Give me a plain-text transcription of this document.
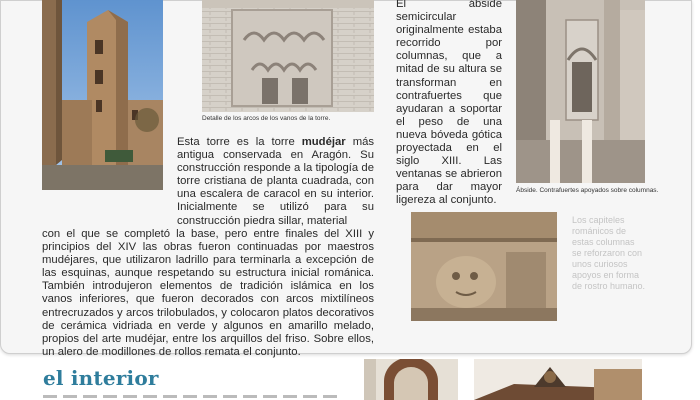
Detalle de los arcos de los vanos de la torre.
Ábside. Contrafuertes apoyados sobre columnas.

El ábside semicircular originalmente estaba recorrido por columnas, que a mitad de su altura se transforman en contrafuertes que ayudaran a soportar el peso de una nueva bóveda gótica proyectada en el siglo XIII. Las ventanas se abrieron para dar mayor ligereza al conjunto.

Esta torre es la torre mudéjar más antigua conservada en Aragón. Su construcción responde a la tipología de torre cristiana de planta cuadrada, con una escalera de caracol en su interior. Inicialmente se utilizó para su construcción piedra sillar, material

con el que se completó la base, pero entre finales del XIII y principios del XIV las obras fueron continuadas por maestros mudéjares, que utilizaron ladrillo para terminarla a excepción de las esquinas, aunque respetando su estructura inicial románica. También introdujeron elementos de tradición islámica en los vanos inferiores, que fueron decorados con arcos mixtilíneos entrecruzados y arcos trilobulados, y colocaron platos decorativos de cerámica vidriada en verde y algunos en amarillo melado, propios del arte mudéjar, entre los arquillos del friso. Sobre ellos, un alero de modillones de rollos remata el conjunto.

Los capiteles románicos de estas columnas se reforzaron con unos curiosos apoyos en forma de rostro humano.

el interior
